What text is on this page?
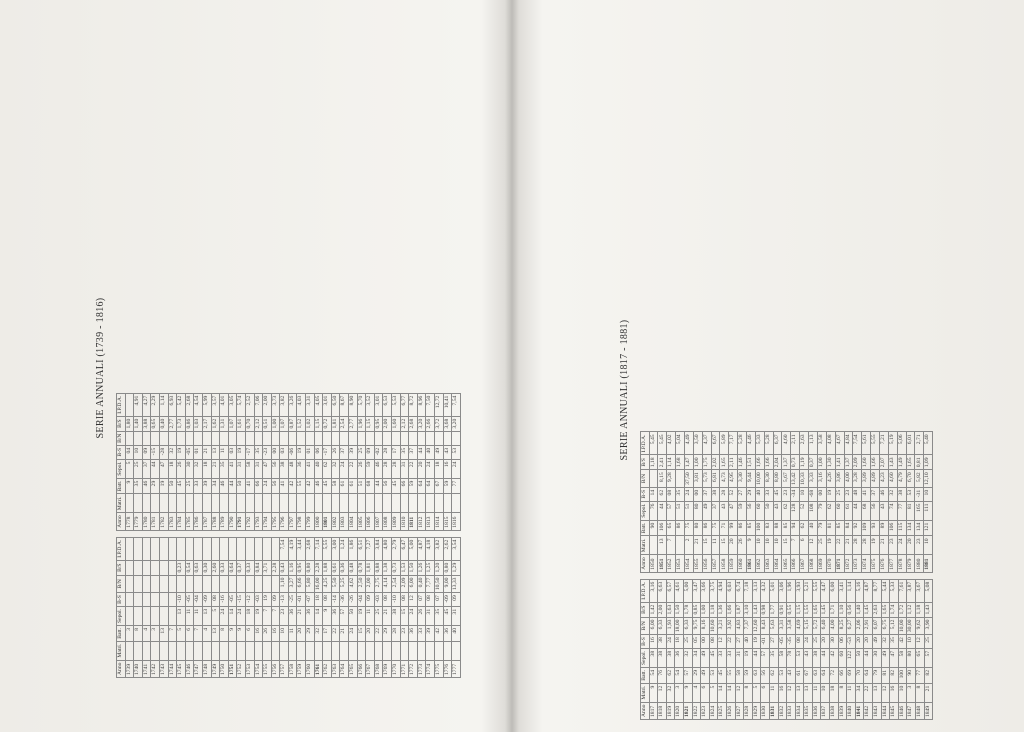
SERIE ANNUALI (1739 - 1816)
Anno	Matri.	Batt.	Sepol.	B-S	B/N	B/S	I.P.D.A.
1739		3					
1740		8					
1741		4					
1742		3					
1743		13					
1744		7					
1745		5	13	-10		0,23	
1746		6	11	-05		0,54	
1747		7	11	-04		0,63	
1748		4	13	-09		0,30	
1749		13	5	08		2,60	
1750		8	24	-16		0,33	
1751		9	14	-05		0,64	
1752		9	24	-15		0,37	
1753		6	18	-12		0,33	
1754		16	19	-03		0,84	
1755		26	7	19		3,71	
1756		16	7	09		2,28	
1757		10	23	-13	1,10	0,43	7,54
1758		11	36	-25	3,27	1,16	4,19
1759		20	21	-01	6,66	0,95	3,44
1760		29	36	-07	5,80	0,80	2,68
1761		32	14	18	16,00	2,28	7,14
1762		17	9	08	4,25	1,88	5,55
1763		22	36	-14	5,50	0,61	3,00
1764		21	57	-36	5,25	0,36	1,24
1765		24	50	-26	4,62	0,48	1,86
1766		15	19	-04	2,50	0,78	6,51
1767		20	11	09	2,00	1,81	7,27
1768		22	25	-03	2,75	0,88	3,84
1769		29	21	08	4,14	1,38	4,80
1770		28	38	-10	2,54	0,73	2,79
1771		23	15	08	2,09	1,53	6,47
1772		36	24	12	6,00	1,50	5,00
1773		33	26	07	0,40	1,26	4,87
1774		39	31	08	7,77	1,25	4,18
1775		42	35	07	10,50	1,20	3,82
1776		36	45	-09	9,00	0,80	2,62
1777		40	31	09	13,33	1,29	3,54
Anno	Matri.	Batt.	Sepol.	B-S	B/N	B/S	I.P.D.A.
1778		9	5	04		1,80	
1779		35	25	10		1,40	4,91
1780		46	37	09		3,88	4,27
1781		29	44	-15		0,65	2,29
1782		19	47	-28		0,40	1,14
1783		50	18	32		2,77	6,93
1784		45	26	19		1,73	5,42
1785		25	30	-05		0,86	2,68
1786		33	32	01		1,03	4,54
1787		39	18	21		2,17	5,99
1788		34	21	13		1,62	3,57
1789		46	35	11		1,31	4,01
1790		44	41	03		1,07	3,05
1791		50	31	19		1,61	5,74
1792		41	58	-17		0,70	2,52
1793		66	31	35		2,12	7,06
1794		24	47	-23		0,51	2,00
1795		56	56	00		1,00	3,73
1796		41	38	03		1,07	3,82
1797		42	48	-06		0,87	3,26
1798		55	36	19		1,52	4,03
1799		42	41	01		1,02	3,31
1800		46	40	06		1,15	4,05
1801		45	62	-17		0,72	3,01
1802		58	32	26		1,81	6,50
1803		61	24	37		2,54	8,67
1804		61	22	39		2,77	8,90
1805		51	26	25		1,96	5,70
1806		68	59	09		1,15	3,52
1807		44	46	-02		0,95	3,01
1808		56	28	28		2,00	6,53
1809		45	28	17		1,60	5,53
1810		66	31	35		2,12	6,77
1811		59	22	37		2,68	8,72
1812		64	20	44		3,20	8,96
1813		64	24	40		2,66	7,50
1814		67	18	49		3,72	12,72
1815		59	16	43		3,68	10,41
1816		77	24	53		3,20	7,54	SERIE ANNUALI (1817 - 1881)
Anno	Matri.	Batt.	Sepol.	B-S	B/N	B/S	I.P.D.A.
1817	9	54	38	16	6,00	1,42	3,16
1818	12	76	38	38	6,33	2,00	6,63
1819	32	62	38	24	1,93	1,63	6,57
1820	3	54	36	18	18,00	1,50	4,61
1821	9	57	32	25	6,33	1,78	5,00
1822	4	29	34	05	9,75	0,85	3,47
1823	6	49	49	00	8,16	1,00	3,66
1824	5	53	45	08	10,60	1,18	3,75
1825	14	45	33	12	3,21	1,36	4,94
1826	14	55	33	22	3,92	1,66	6,03
1827	12	58	31	27	4,83	1,87	6,74
1828	8	59	19	40	7,37	3,10	7,18
1829	5	63	44	19	12,60	1,43	3,13
1830	6	56	57	-01	8,43	0,98	4,32
1831	11	62	35	27	5,63	1,77	5,01
1832	16	53	58	-05	3,31	0,91	3,06
1833	12	43	78	-35	3,58	0,55	1,96
1834	13	61	53	08	4,69	1,15	3,93
1835	13	67	43	24	5,15	1,55	5,21
1836	11	63	38	25	5,72	1,65	5,55
1837	10	64	44	20	6,40	1,45	4,47
1838	18	72	42	30	4,00	1,71	6,00
1839	8	66	60	06	8,25	1,10	3,41
1840	11	69	122	-53	6,27	0,56	1,14
1841	34	70	50	20	2,06	1,40	5,16
1842	22	64	44	20	2,91	1,45	4,87
1843	13	79	30	49	6,07	2,63	8,77
1844	12	81	49	32	6,75	1,65	5,44
1845	16	82	47	35	5,12	1,74	5,33
1846	10	100	58	42	10,00	1,72	7,61
1847	3	90	80	10	30,00	1,12	3,87
1848	8	77	65	12	9,62	1,18	3,67
1849	21	82	57	25	3,90	1,43	5,08
Anno	Matri.	Batt.	Sepol.	B-S	B/N	B/S	I.P.D.A.
1850		90	76	14		1,18	5,45
1851	13	106	44	62	8,15	2,41	5,45
1852	7	65	57	08	9,28	1,14	4,02
1853		86	51	35		1,68	5,04
1854	2	75	51	24	37,50	1,47	4,49
1855	21	80	80	00	3,81	1,00	3,50
1856	15	86	49	37	5,73	1,75	4,37
1857	11	75	37	38	6,81	2,02	6,67
1858	15	71	43	28	4,73	1,65	5,89
1859	20	99	47	52	4,95	2,11	7,17
1860	26	86	59	27	3,30	1,46	5,28
1861	9	85	56	29	9,44	1,51	4,46
1862	10	100	60	40	10,00	1,66	5,33
1863	10	83	50	33	8,30	1,66	5,28
1864	10	88	43	45	8,80	2,04	6,37
1865	15	85	62	23	5,67	1,37	4,60
1866	7	94	128	-34	13,42	0,73	2,11
1867	6	62	52	10	10,33	1,19	2,63
1868	12	40	108	-68	3,33	0,37	1,13
1869	25	79	79	00	3,16	1,00	3,58
1870	19	81	62	19	4,26	1,30	4,08
1871	22	85	60	25	3,86	1,41	4,67
1872	21	84	61	23	4,00	1,37	4,84
1873	28	92	44	48	3,28	2,09	7,54
1874	28	109	68	41	3,89	1,60	5,61
1875	19	93	56	37	4,89	1,66	5,55
1876	21	89	43	46	4,23	2,07	7,21
1877	23	106	74	32	4,60	1,43	5,19
1878	24	115	77	38	4,79	1,49	5,06
1879	20	134	81	53	6,70	1,65	6,01
1880	23	134	165	-31	5,82	0,81	2,71
1881	10	121	111	10	12,10	1,09	5,40
